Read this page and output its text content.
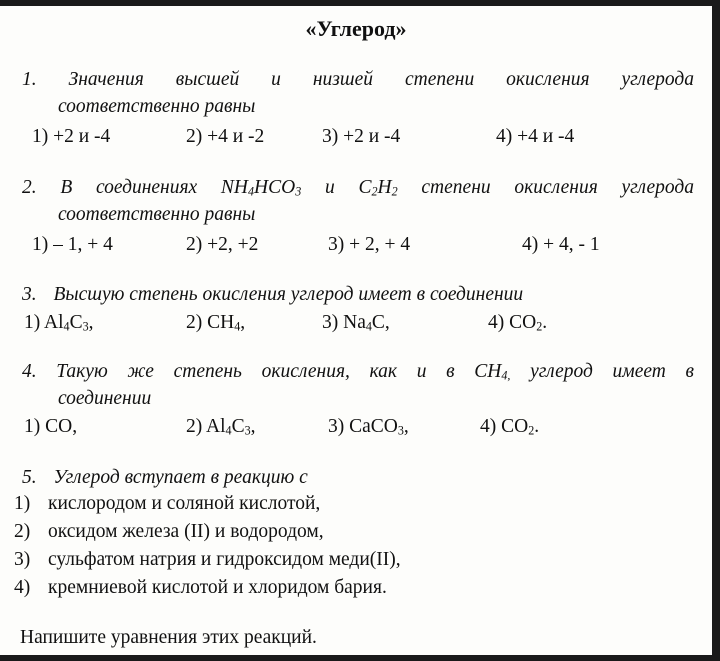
«Углерод»
1. Значения высшей и низшей степени окисления углерода
соответственно равны
1) +2 и -4	2) +4 и -2	3) +2 и -4	4) +4 и -4
2. В соединениях $NH_4HCO_3$ и $C_2H_2$ степени окисления углерода
соответственно равны
1) – 1, + 4	2) +2, +2	3) + 2, + 4	4) + 4, - 1
3. Высшую степень окисления углерод имеет в соединении
1) $Al_4C_3$,	2) $CH_4$,	3) $Na_4C$,	4) $CO_2$.
4. Такую же степень окисления, как и в $CH_{4,}$ углерод имеет в
соединении
1) CO,	2) $Al_4C_3$,	3) CaCO$_3$,	4) $CO_2$.
5. Углерод вступает в реакцию с
1) кислородом и соляной кислотой,
2) оксидом железа (II) и водородом,
3) сульфатом натрия и гидроксидом меди(II),
4) кремниевой кислотой и хлоридом бария.
Напишите уравнения этих реакций.
